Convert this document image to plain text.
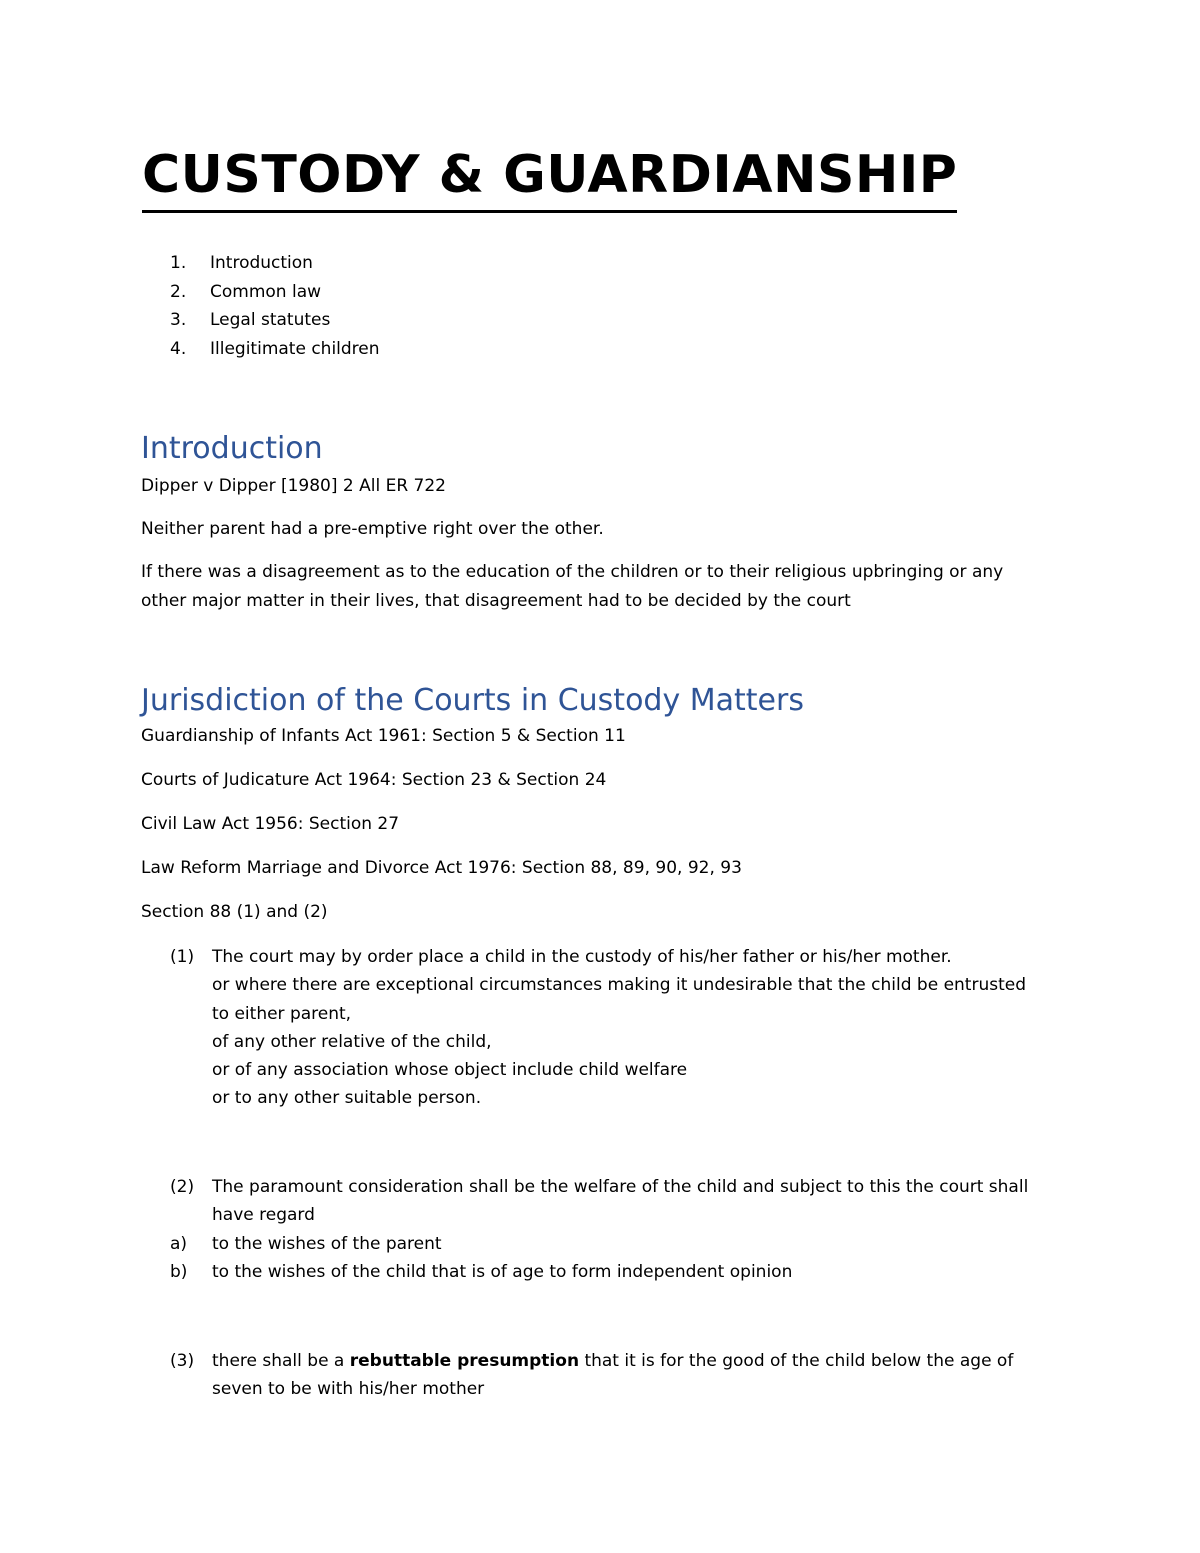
CUSTODY & GUARDIANSHIP
1. Introduction
2. Common law
3. Legal statutes
4. Illegitimate children
Introduction

Dipper v Dipper [1980] 2 All ER 722

Neither parent had a pre-emptive right over the other.

If there was a disagreement as to the education of the children or to their religious upbringing or any

other major matter in their lives, that disagreement had to be decided by the court

Jurisdiction of the Courts in Custody Matters

Guardianship of Infants Act 1961: Section 5 & Section 11

Courts of Judicature Act 1964: Section 23 & Section 24

Civil Law Act 1956: Section 27

Law Reform Marriage and Divorce Act 1976: Section 88, 89, 90, 92, 93

Section 88 (1) and (2)

(1) The court may by order place a child in the custody of his/her father or his/her mother.
or where there are exceptional circumstances making it undesirable that the child be entrusted
to either parent,
of any other relative of the child,
or of any association whose object include child welfare
or to any other suitable person.
(2) The paramount consideration shall be the welfare of the child and subject to this the court shall
have regard
a) to the wishes of the parent
b) to the wishes of the child that is of age to form independent opinion
(3) there shall be a rebuttable presumption that it is for the good of the child below the age of
seven to be with his/her mother
